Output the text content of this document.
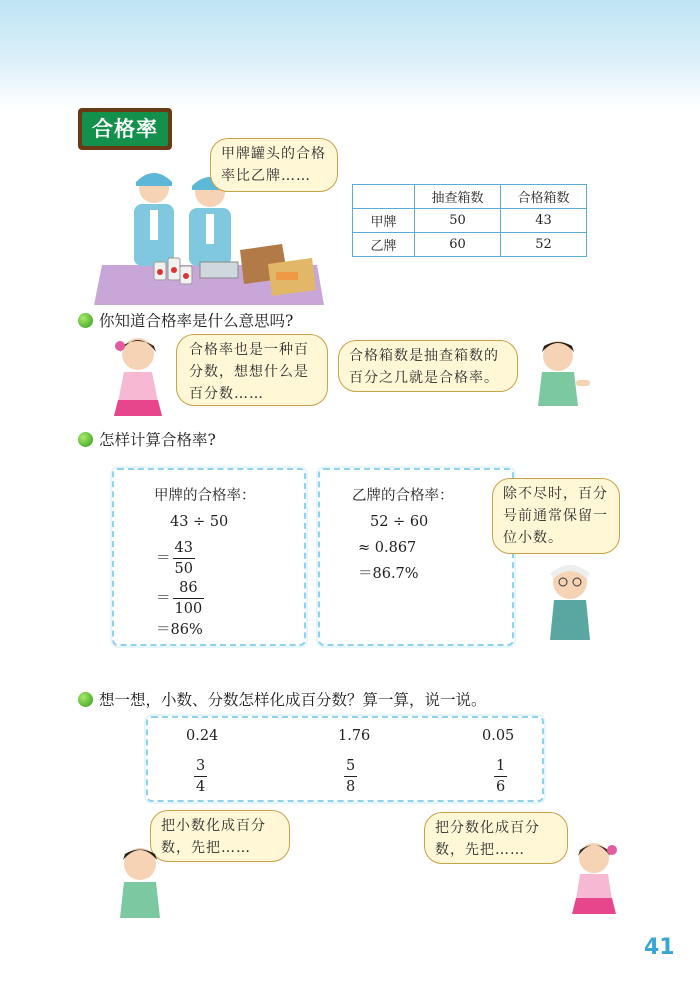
合格率
甲牌罐头的合格率比乙牌……
	抽查箱数	合格箱数
甲牌	50	43
乙牌	60	52
你知道合格率是什么意思吗?
合格率也是一种百分数，想想什么是百分数……
合格箱数是抽查箱数的百分之几就是合格率。
怎样计算合格率?
甲牌的合格率：
43 ÷ 50
＝ $\frac{43}{50}$
＝ $\frac{86}{100}$
＝86%
乙牌的合格率：
52 ÷ 60
≈ 0.867
＝86.7%
除不尽时，百分号前通常保留一位小数。
想一想，小数、分数怎样化成百分数？算一算，说一说。
0.24	1.76	0.05
$\frac{3}{4}$	$\frac{5}{8}$	$\frac{1}{6}$
把小数化成百分数，先把……
把分数化成百分数，先把……
41
